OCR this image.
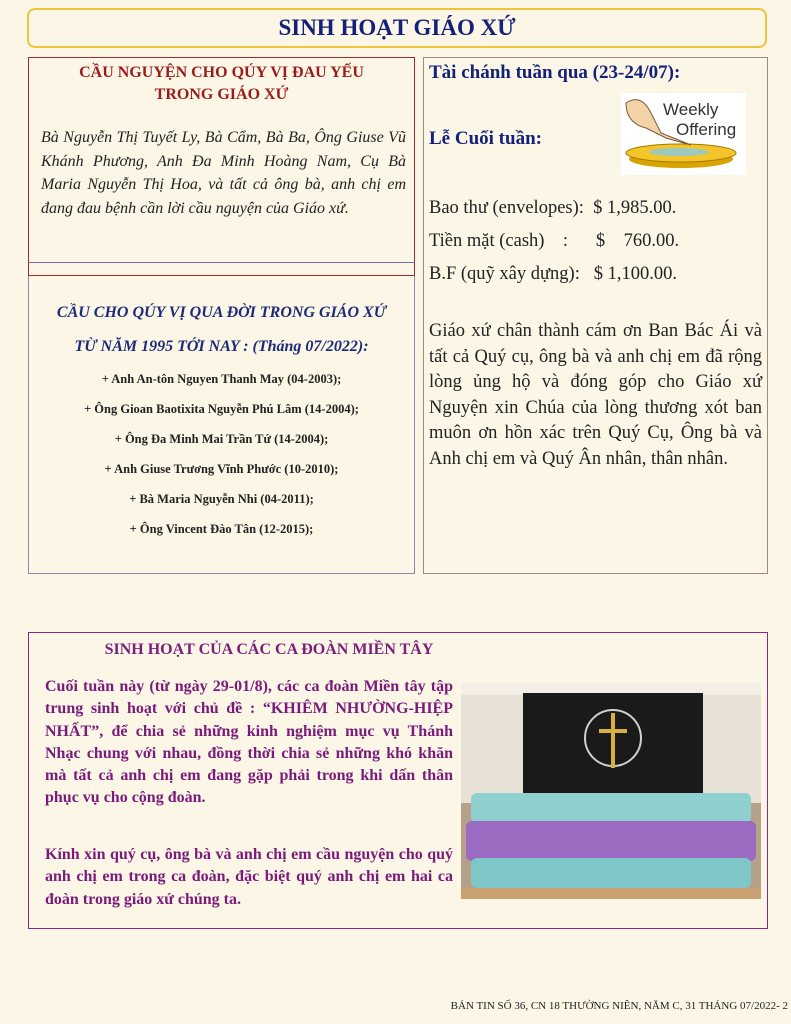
SINH HOẠT GIÁO XỨ

CẦU NGUYỆN CHO QÚY VỊ ĐAU YẾU
TRONG GIÁO XỨ

Bà Nguyễn Thị Tuyết Ly, Bà Cẩm, Bà Ba, Ông Giuse Vũ Khánh Phương, Anh Đa Minh Hoàng Nam, Cụ Bà Maria Nguyễn Thị Hoa, và tất cả ông bà, anh chị em đang đau bệnh cần lời cầu nguyện của Giáo xứ.

CẦU CHO QÚY VỊ QUA ĐỜI TRONG GIÁO XỨ
TỪ NĂM 1995 TỚI NAY : (Tháng 07/2022):
+ Anh An-tôn Nguyen Thanh May (04-2003);
+ Ông Gioan Baotixita Nguyễn Phú Lâm (14-2004);
+ Ông Đa Minh Mai Trần Tứ (14-2004);
+ Anh Giuse Trương Vĩnh Phước (10-2010);
+ Bà Maria Nguyễn Nhi (04-2011);
+ Ông Vincent Đào Tân (12-2015);
Tài chánh tuần qua (23-24/07):
Lễ Cuối tuần:
Bao thư (envelopes):  $ 1,985.00.
Tiền mặt (cash)    :      $    760.00.
B.F (quỹ xây dựng):   $ 1,100.00.
Giáo xứ chân thành cám ơn Ban Bác Ái và tất cả Quý cụ, ông bà và anh chị em đã rộng lòng ủng hộ và đóng góp cho Giáo xứ Nguyện xin Chúa của lòng thương xót ban muôn ơn hồn xác trên Quý Cụ, Ông bà và Anh chị em và Quý Ân nhân, thân nhân.
Weekly
Offering
SINH HOẠT CỦA CÁC CA ĐOÀN MIỀN TÂY
Cuối tuần này (từ ngày 29-01/8), các ca đoàn Miền tây tập trung sinh hoạt với chủ đề : “KHIÊM NHƯỜNG-HIỆP NHẤT”, để chia sẻ những kinh nghiệm mục vụ Thánh Nhạc chung với nhau, đồng thời chia sẻ những khó khăn mà tất cả anh chị em đang gặp phải trong khi dấn thân phục vụ cho cộng đoàn.
Kính xin quý cụ, ông bà và anh chị em cầu nguyện cho quý anh chị em trong ca đoàn, đặc biệt quý anh chị em hai ca đoàn trong giáo xứ chúng ta.
BẢN TIN SỐ 36, CN 18 THƯỜNG NIÊN, NĂM C, 31 THÁNG 07/2022- 2
